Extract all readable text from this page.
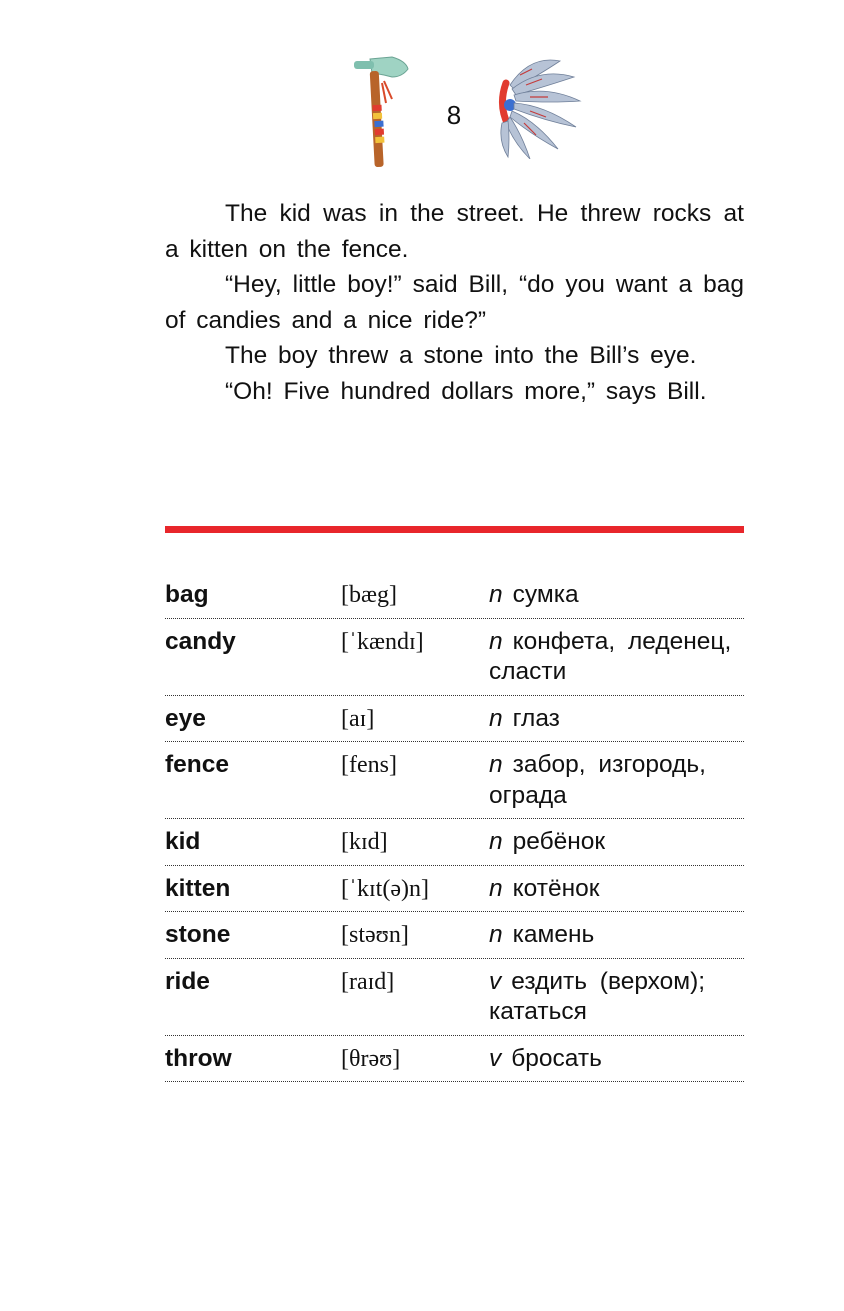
8

The kid was in the street. He threw rocks at a kitten on the fence.

“Hey, little boy!” said Bill, “do you want a bag of candies and a nice ride?”

The boy threw a stone into the Bill’s eye.

“Oh! Five hundred dollars more,” says Bill.

bag	[bæg]	n сумка
candy	[ˈkændɪ]	n конфета, леденец, сласти
eye	[aɪ]	n глаз
fence	[fens]	n забор, изгородь, ограда
kid	[kɪd]	n ребёнок
kitten	[ˈkɪt(ə)n] n котёнок
stone	[stəʊn]	n камень
ride	[raɪd]	v ездить (верхом); кататься
throw	[θrəʊ]	v бросать
